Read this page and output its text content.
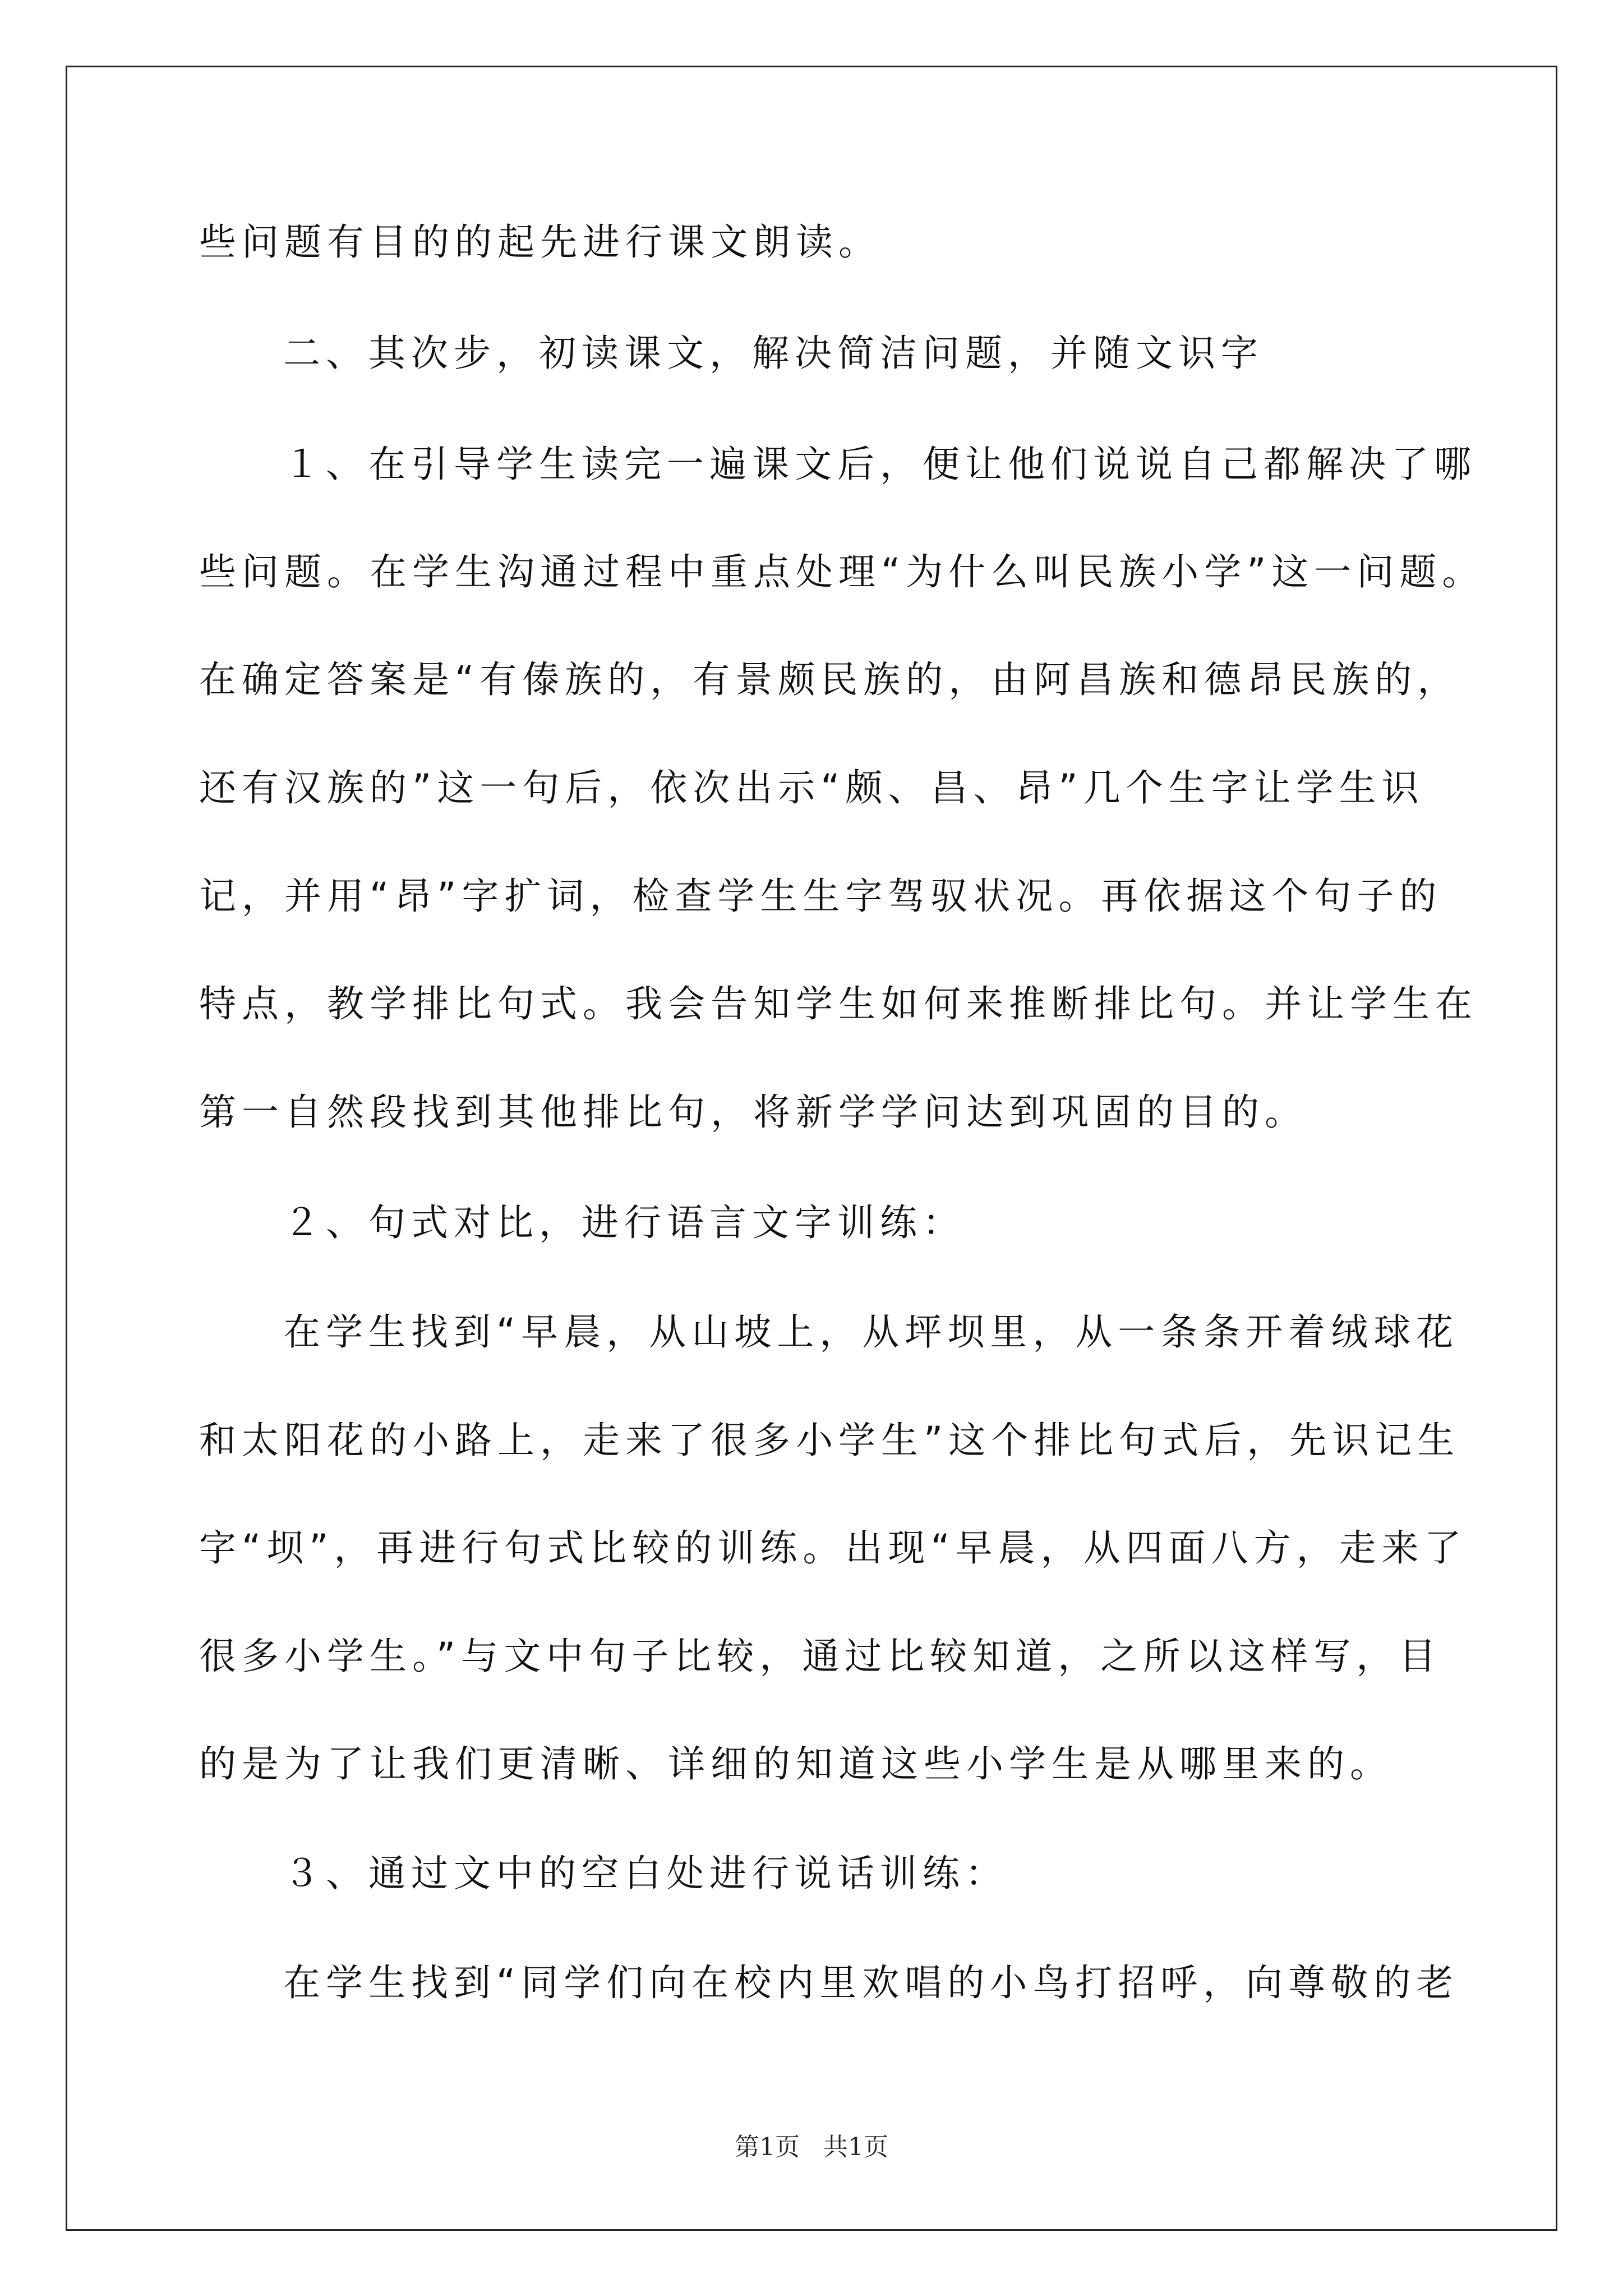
些问题有目的的起先进行课文朗读。
二、其次步，初读课文，解决简洁问题，并随文识字
１、在引导学生读完一遍课文后，便让他们说说自己都解决了哪
些问题。在学生沟通过程中重点处理“为什么叫民族小学”这一问题。
在确定答案是“有傣族的，有景颇民族的，由阿昌族和德昂民族的，
还有汉族的”这一句后，依次出示“颇、昌、昂”几个生字让学生识
记，并用“昂”字扩词，检查学生生字驾驭状况。再依据这个句子的
特点，教学排比句式。我会告知学生如何来推断排比句。并让学生在
第一自然段找到其他排比句，将新学学问达到巩固的目的。
２、句式对比，进行语言文字训练：
在学生找到“早晨，从山坡上，从坪坝里，从一条条开着绒球花
和太阳花的小路上，走来了很多小学生”这个排比句式后，先识记生
字“坝”，再进行句式比较的训练。出现“早晨，从四面八方，走来了
很多小学生。”与文中句子比较，通过比较知道，之所以这样写，目
的是为了让我们更清晰、详细的知道这些小学生是从哪里来的。
３、通过文中的空白处进行说话训练：
在学生找到“同学们向在校内里欢唱的小鸟打招呼，向尊敬的老
第1页   共1页
